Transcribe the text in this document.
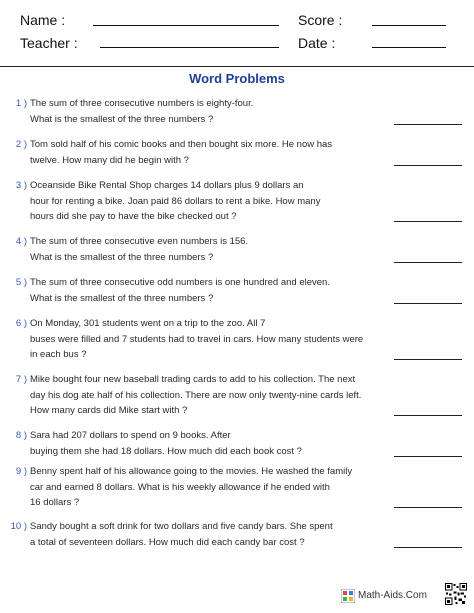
Name :	Score :
Teacher :	Date :
Word Problems
1 ) The sum of three consecutive numbers is eighty-four.
What is the smallest of the three numbers ?
2 ) Tom sold half of his comic books and then bought six more. He now has
twelve. How many did he begin with ?
3 ) Oceanside Bike Rental Shop charges 14 dollars plus 9 dollars an
hour for renting a bike. Joan paid 86 dollars to rent a bike. How many
hours did she pay to have the bike checked out ?
4 ) The sum of three consecutive even numbers is 156.
What is the smallest of the three numbers ?
5 ) The sum of three consecutive odd numbers is one hundred and eleven.
What is the smallest of the three numbers ?
6 ) On Monday, 301 students went on a trip to the zoo. All 7
buses were filled and 7 students had to travel in cars. How many students were
in each bus ?
7 ) Mike bought four new baseball trading cards to add to his collection. The next
day his dog ate half of his collection. There are now only twenty-nine cards left.
How many cards did Mike start with ?
8 ) Sara had 207 dollars to spend on 9 books. After
buying them she had 18 dollars. How much did each book cost ?
9 ) Benny spent half of his allowance going to the movies. He washed the family
car and earned 8 dollars. What is his weekly allowance if he ended with
16 dollars ?
10 ) Sandy bought a soft drink for two dollars and five candy bars. She spent
a total of seventeen dollars. How much did each candy bar cost ?
Math-Aids.Com
